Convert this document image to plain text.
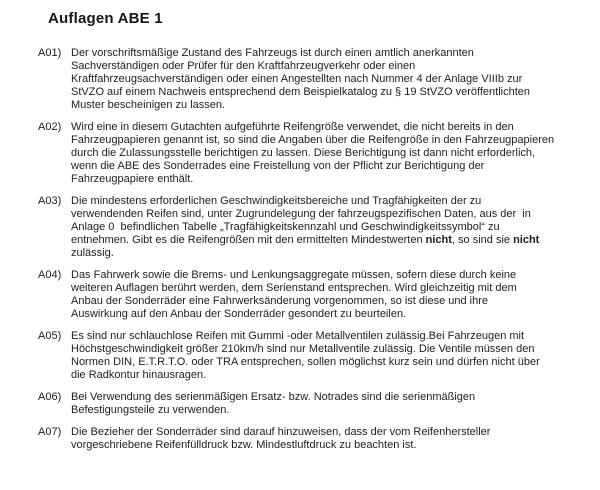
Auflagen ABE 1
A01) Der vorschriftsmäßige Zustand des Fahrzeugs ist durch einen amtlich anerkannten
Sachverständigen oder Prüfer für den Kraftfahrzeugverkehr oder einen
Kraftfahrzeugsachverständigen oder einen Angestellten nach Nummer 4 der Anlage VIIIb zur
StVZO auf einem Nachweis entsprechend dem Beispielkatalog zu § 19 StVZO veröffentlichten
Muster bescheinigen zu lassen.
A02) Wird eine in diesem Gutachten aufgeführte Reifengröße verwendet, die nicht bereits in den
Fahrzeugpapieren genannt ist, so sind die Angaben über die Reifengröße in den Fahrzeugpapieren
durch die Zulassungsstelle berichtigen zu lassen. Diese Berichtigung ist dann nicht erforderlich,
wenn die ABE des Sonderrades eine Freistellung von der Pflicht zur Berichtigung der
Fahrzeugpapiere enthält.
A03) Die mindestens erforderlichen Geschwindigkeitsbereiche und Tragfähigkeiten der zu
verwendenden Reifen sind, unter Zugrundelegung der fahrzeugspezifischen Daten, aus der  in
Anlage 0  befindlichen Tabelle „Tragfähigkeitskennzahl und Geschwindigkeitssymbol“ zu
entnehmen. Gibt es die Reifengrößen mit den ermittelten Mindestwerten nicht, so sind sie nicht
zulässig.
A04) Das Fahrwerk sowie die Brems- und Lenkungsaggregate müssen, sofern diese durch keine
weiteren Auflagen berührt werden, dem Serienstand entsprechen. Wird gleichzeitig mit dem
Anbau der Sonderräder eine Fahrwerksänderung vorgenommen, so ist diese und ihre
Auswirkung auf den Anbau der Sonderräder gesondert zu beurteilen.
A05) Es sind nur schlauchlose Reifen mit Gummi -oder Metallventilen zulässig.Bei Fahrzeugen mit
Höchstgeschwindigkeit größer 210km/h sind nur Metallventile zulässig. Die Ventile müssen den
Normen DIN, E.T.R.T.O. oder TRA entsprechen, sollen möglichst kurz sein und dürfen nicht über
die Radkontur hinausragen.
A06) Bei Verwendung des serienmäßigen Ersatz- bzw. Notrades sind die serienmäßigen
Befestigungsteile zu verwenden.
A07) Die Bezieher der Sonderräder sind darauf hinzuweisen, dass der vom Reifenhersteller
vorgeschriebene Reifenfülldruck bzw. Mindestluftdruck zu beachten ist.
